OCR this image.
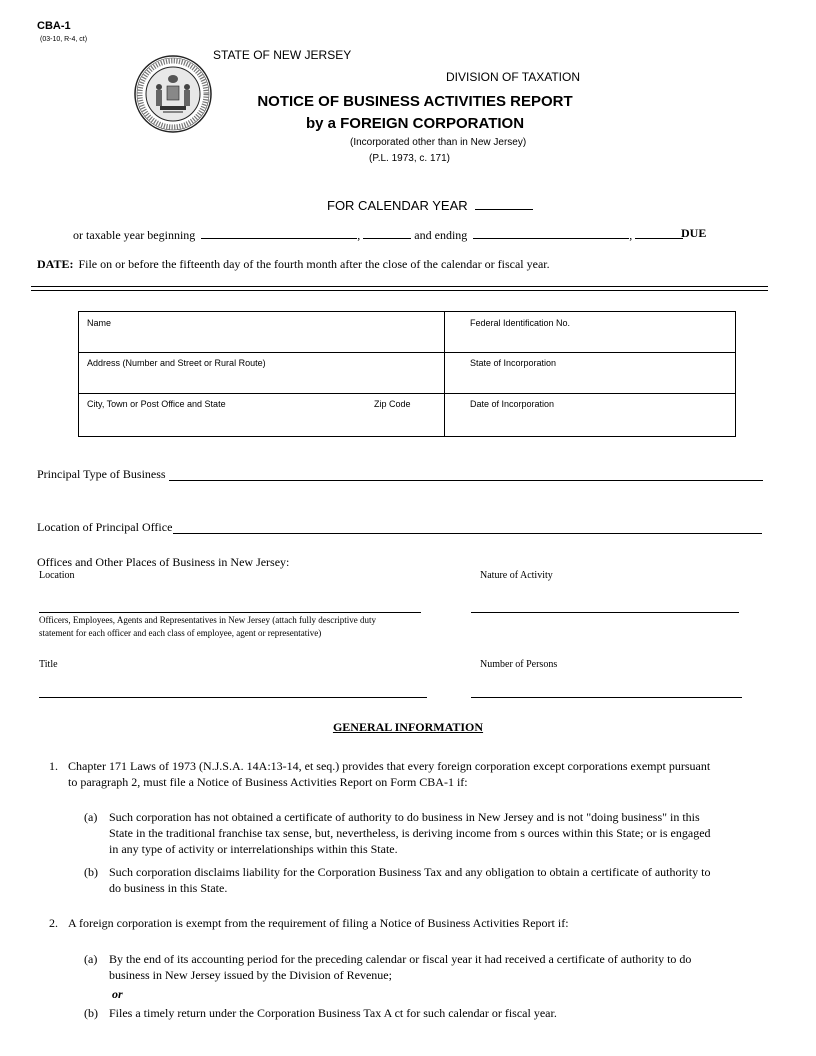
CBA-1
(03-10, R-4, ct)
STATE OF NEW JERSEY
DIVISION OF TAXATION
NOTICE OF BUSINESS ACTIVITIES REPORT
by a FOREIGN CORPORATION
(Incorporated other than in New Jersey)
(P.L. 1973, c. 171)
FOR CALENDAR YEAR
or taxable year beginning	,	and ending	,	DUE
DATE: File on or before the fifteenth day of the fourth month after the close of the calendar or fiscal year.
Name	Federal Identification No.
Address (Number and Street or Rural Route)	State of Incorporation
City, Town or Post Office and State	Zip Code	Date of Incorporation
Principal Type of Business
Location of Principal Office
Offices and Other Places of Business in New Jersey:
Location	Nature of Activity
Officers, Employees, Agents and Representatives in New Jersey (attach fully descriptive duty
statement for each officer and each class of employee, agent or representative)
Title	Number of Persons
GENERAL INFORMATION
1. Chapter 171 Laws of 1973 (N.J.S.A. 14A:13-14, et seq.) provides that every foreign corporation except corporations exempt pursuant
to paragraph 2, must file a Notice of Business Activities Report on Form CBA-1 if:
(a) Such corporation has not obtained a certificate of authority to do business in New Jersey and is not "doing business" in this
State in the traditional franchise tax sense, but, nevertheless, is deriving income from s ources within this State; or is engaged
in any type of activity or interrelationships within this State.
(b) Such corporation disclaims liability for the Corporation Business Tax and any obligation to obtain a certificate of authority to
do business in this State.
2. A foreign corporation is exempt from the requirement of filing a Notice of Business Activities Report if:
(a) By the end of its accounting period for the preceding calendar or fiscal year it had received a certificate of authority to do
business in New Jersey issued by the Division of Revenue;
or
(b) Files a timely return under the Corporation Business Tax A ct for such calendar or fiscal year.
